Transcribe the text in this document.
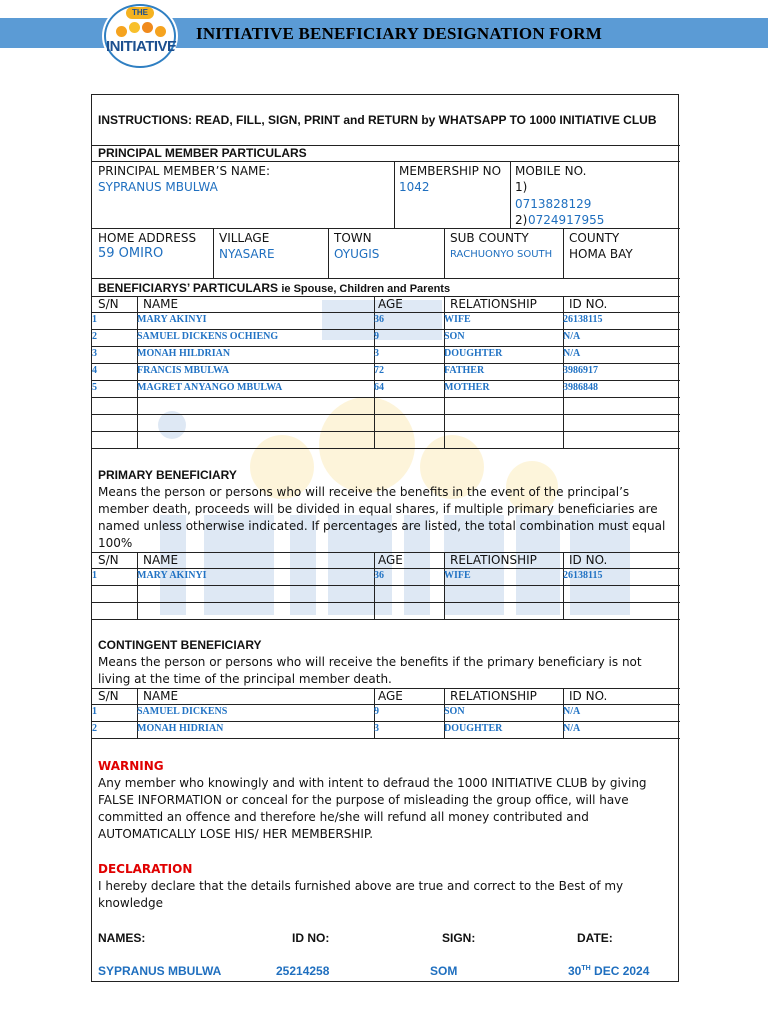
INITIATIVE BENEFICIARY DESIGNATION FORM
THE
INITIATIVE
INSTRUCTIONS: READ, FILL, SIGN, PRINT and RETURN by WHATSAPP TO 1000 INITIATIVE CLUB
PRINCIPAL MEMBER PARTICULARS
PRINCIPAL MEMBER’S NAME:
SYPRANUS MBULWA
MEMBERSHIP NO
1042
MOBILE NO.
1)
0713828129
2) 0724917955
HOME ADDRESS
59 OMIRO
VILLAGE
NYASARE
TOWN
OYUGIS
SUB COUNTY
RACHUONYO SOUTH
COUNTY
HOMA BAY
BENEFICIARYS’ PARTICULARS ie Spouse, Children and Parents
S/N NAME	AGE	RELATIONSHIP	ID NO.
1	MARY AKINYI	36	WIFE	26138115
2	SAMUEL DICKENS OCHIENG	9	SON	N/A
3	MONAH HILDRIAN	3	DOUGHTER	N/A
4	FRANCIS MBULWA	72	FATHER	3986917
5	MAGRET ANYANGO MBULWA	64	MOTHER	3986848
PRIMARY BENEFICIARY
Means the person or persons who will receive the benefits in the event of the principal’s member death, proceeds will be divided in equal shares, if multiple primary beneficiaries are named unless otherwise indicated. If percentages are listed, the total combination must equal 100%
S/N NAME	AGE	RELATIONSHIP	ID NO.
1	MARY AKINYI	36	WIFE	26138115
CONTINGENT BENEFICIARY
Means the person or persons who will receive the benefits if the primary beneficiary is not living at the time of the principal member death.
S/N NAME	AGE	RELATIONSHIP	ID NO.
1	SAMUEL DICKENS	9	SON	N/A
2	MONAH HIDRIAN	3	DOUGHTER	N/A
WARNING
Any member who knowingly and with intent to defraud the 1000 INITIATIVE CLUB by giving FALSE INFORMATION or conceal for the purpose of misleading the group office, will have committed an offence and therefore he/she will refund all money contributed and AUTOMATICALLY LOSE HIS/ HER MEMBERSHIP.
DECLARATION
I hereby declare that the details furnished above are true and correct to the Best of my knowledge
NAMES:	ID NO:	SIGN:	DATE:
SYPRANUS MBULWA	25214258	SOM	30TH DEC 2024
